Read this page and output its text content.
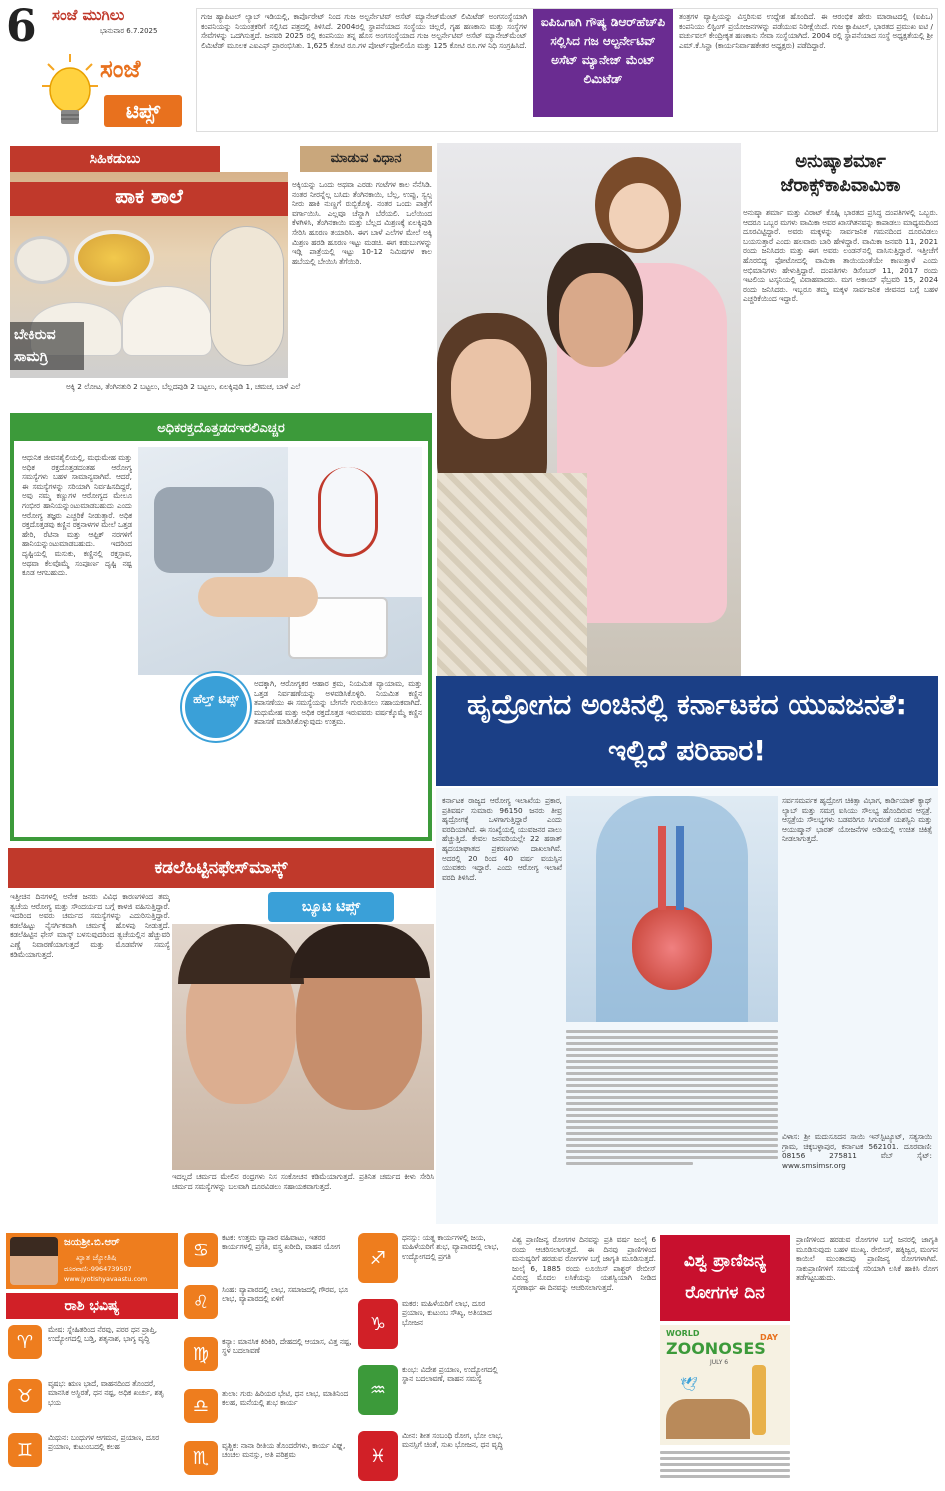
6 ಸಂಜೆ ಮುಗಿಲು
ಭಾನುವಾರ 6.7.2025
ಸಂಜೆ
ಟಿಪ್ಸ್
ಗುಜ ಹ್ಯಾಪಿಟಲ್ ಲ್ಯಾಬ್ ಇಡಿಯಲ್ಲಿ, ಕಾರ್ಪೊರೇಟ್ ನಿಂದ ಗುಜ ಅಲ್ಟರ್ನೇಟಿವ್ ಅಸೆಟ್ ಮ್ಯಾನೇಜ್‌ಮೆಂಟ್ ಲಿಮಿಟೆಡ್ ಅಂಗಸಂಸ್ಥೆಯಾಗಿ ಕಂಪನಿಯನ್ನು ನಿಯಂತ್ರಕರಿಗೆ ಸಲ್ಲಿಸಿದ ಪತ್ರದಲ್ಲಿ ತಿಳಿಸಿದೆ. 2004ರಲ್ಲಿ ಸ್ಥಾಪನೆಯಾದ ಸಂಸ್ಥೆಯು ಚಿಲ್ಲರೆ, ಗೃಹ ಹಣಕಾಸು ಮತ್ತು ಸಂಸ್ಥೆಗಳ ಸೇವೆಗಳನ್ನು ಒದಗಿಸುತ್ತದೆ. ಜನವರಿ 2025 ರಲ್ಲಿ ಕಂಪನಿಯು ತನ್ನ ಹೊಸ ಅಂಗಸಂಸ್ಥೆಯಾದ ಗುಜ ಅಲ್ಟರ್ನೇಟಿವ್ ಅಸೆಟ್ ಮ್ಯಾನೇಜ್‌ಮೆಂಟ್ ಲಿಮಿಟೆಡ್ ಮೂಲಕ ಎಐಎಫ್ ಪ್ರಾರಂಭಿಸಿತು. 1,625 ಕೋಟಿ ರೂ.ಗಳ ಪೋರ್ಟ್‌ಫೋಲಿಯೊ ಮತ್ತು 125 ಕೋಟಿ ರೂ.ಗಳ ನಿಧಿ ಸಂಗ್ರಹಿಸಿದೆ.
ಐಪಿಒಗಾಗಿ ಗೌಷ್ಯ ಡಿಆರ್‌ಹೆಚ್‌ಪಿ ಸಲ್ಲಿಸಿದ ಗಜ ಆಲ್ಟರ್ನೇಟಿವ್ ಅಸೆಟ್ ಮ್ಯಾನೇಜ್ ಮೆಂಟ್ ಲಿಮಿಟೆಡ್
ತಂತ್ರಗಳ ವ್ಯಾಪ್ತಿಯನ್ನು ವಿಸ್ತರಿಸುವ ಉದ್ದೇಶ ಹೊಂದಿದೆ. ಈ ಆರಂಭಿಕ ಹೇರು ಮಾರಾಟದಲ್ಲಿ (ಐಪಿಒ) ಕಂಪನಿಯು ಲಿಸ್ಟಿಂಗ್ ಪ್ರಯೋಜನಗಳನ್ನು ಪಡೆಯುವ ನಿರೀಕ್ಷೆಯಿದೆ. ಗುಜ ಕ್ಯಾಪಿಟಲ್, ಭಾರತದ ಪ್ರಮುಖ ಐಟಿ / ವರ್ಚುವಲ್ ಕೇಂದ್ರೀಕೃತ ಹಣಕಾಸು ಸೇವಾ ಸಂಸ್ಥೆಯಾಗಿದೆ. 2004 ರಲ್ಲಿ ಸ್ಥಾಪನೆಯಾದ ಸಂಸ್ಥೆ ಅಧ್ಯಕ್ಷತೆಯಲ್ಲಿ ಶ್ರೀ ಎಮ್.ಕೆ.ಸಿನ್ಹಾ (ಕಾರ್ಯನಿರ್ವಾಹಕೇತರ ಅಧ್ಯಕ್ಷರು) ಪಡೆದಿದ್ದಾರೆ.
ಸಿಹಿಕಡುಬು	ಮಾಡುವ ವಿಧಾನ
ಪಾಕ ಶಾಲೆ
ಬೇಕಿರುವ ಸಾಮಗ್ರಿ
ಅಕ್ಕಿಯನ್ನು ಒಂದು ಅಥವಾ ಎರಡು ಗಂಟೆಗಳ ಕಾಲ ನೆನೆಸಿಡಿ. ನಂತರ ನೀರನ್ನೆಲ್ಲ ಬಸಿದು ತೆಂಗಿನಕಾಯಿ, ಬೆಲ್ಲ, ಉಪ್ಪು, ಸ್ವಲ್ಪ ನೀರು ಹಾಕಿ ನುಣ್ಣಗೆ ರುಬ್ಬಿಕೊಳ್ಳಿ. ನಂತರ ಒಂದು ಪಾತ್ರೆಗೆ ವರ್ಗಾಯಿಸಿ. ಎಲ್ಲವೂ ಚೆನ್ನಾಗಿ ಬೆರೆಯಲಿ. ಒಲೆಯಿಂದ ಕೆಳಗಿಳಿಸಿ, ತೆಂಗಿನಕಾಯಿ ಮತ್ತು ಬೆಲ್ಲದ ಮಿಶ್ರಣಕ್ಕೆ ಏಲಕ್ಕಿಪುಡಿ ಸೇರಿಸಿ ಹೂರಣ ತಯಾರಿಸಿ. ಈಗ ಬಾಳೆ ಎಲೆಗಳ ಮೇಲೆ ಅಕ್ಕಿ ಮಿಶ್ರಣ ಹರಡಿ ಹೂರಣ ಇಟ್ಟು ಮಡಚಿ. ಈಗ ಕಡುಬುಗಳನ್ನು ಇಡ್ಲಿ ಪಾತ್ರೆಯಲ್ಲಿ ಇಟ್ಟು 10-12 ನಿಮಿಷಗಳ ಕಾಲ ಹಬೆಯಲ್ಲಿ ಬೇಯಿಸಿ ತೆಗೆಯಿರಿ.
ಅಕ್ಕಿ 2 ಲೋಟ, ತೆಂಗಿನತುರಿ 2 ಬಟ್ಟಲು, ಬೆಲ್ಲದಪುಡಿ 2 ಬಟ್ಟಲು, ಏಲಕ್ಕಿಪುಡಿ 1, ಚಮಚ, ಬಾಳೆ ಎಲೆ
ಅಧಿಕರಕ್ತದೊತ್ತಡದಇರಲಿಎಚ್ಚರ
ಆಧುನಿಕ ಜೀವನಶೈಲಿಯಲ್ಲಿ, ಮಧುಮೇಹ ಮತ್ತು ಅಧಿಕ ರಕ್ತದೊತ್ತಡದಂತಹ ಆರೋಗ್ಯ ಸಮಸ್ಯೆಗಳು ಬಹಳ ಸಾಮಾನ್ಯವಾಗಿವೆ. ಆದರೆ, ಈ ಸಮಸ್ಯೆಗಳನ್ನು ಸರಿಯಾಗಿ ನಿರ್ವಹಿಸದಿದ್ದರೆ, ಅವು ನಮ್ಮ ಕಣ್ಣುಗಳ ಆರೋಗ್ಯದ ಮೇಲೂ ಗಂಭೀರ ಹಾನಿಯನ್ನುಂಟುಮಾಡಬಹುದು ಎಂದು ಆರೋಗ್ಯ ತಜ್ಞರು ಎಚ್ಚರಿಕೆ ನೀಡುತ್ತಾರೆ. ಅಧಿಕ ರಕ್ತದೊತ್ತಡವು ಕಣ್ಣಿನ ರಕ್ತನಾಳಗಳ ಮೇಲೆ ಒತ್ತಡ ಹೇರಿ, ರೆಟಿನಾ ಮತ್ತು ಆಪ್ಟಿಕ್ ನರಗಳಿಗೆ ಹಾನಿಯನ್ನುಂಟುಮಾಡಬಹುದು. ಇದರಿಂದ ದೃಷ್ಟಿಯಲ್ಲಿ ಮಸುಕು, ಕಣ್ಣಿನಲ್ಲಿ ರಕ್ತಸ್ರಾವ, ಅಥವಾ ಕೆಲವೊಮ್ಮೆ ಸಂಪೂರ್ಣ ದೃಷ್ಟಿ ನಷ್ಟ ಕೂಡ ಆಗಬಹುದು.
ಹೆಲ್ತ್ ಟಿಪ್ಸ್
ಅದಕ್ಕಾಗಿ, ಆರೋಗ್ಯಕರ ಆಹಾರ ಕ್ರಮ, ನಿಯಮಿತ ವ್ಯಾಯಾಮ, ಮತ್ತು ಒತ್ತಡ ನಿರ್ವಹಣೆಯನ್ನು ಅಳವಡಿಸಿಕೊಳ್ಳಿರಿ. ನಿಯಮಿತ ಕಣ್ಣಿನ ತಪಾಸಣೆಯು ಈ ಸಮಸ್ಯೆಯನ್ನು ಬೇಗನೇ ಗುರುತಿಸಲು ಸಹಾಯಕವಾಗಿದೆ. ಮಧುಮೇಹ ಮತ್ತು ಅಧಿಕ ರಕ್ತದೊತ್ತಡ ಇರುವವರು ವರ್ಷಕ್ಕೊಮ್ಮೆ ಕಣ್ಣಿನ ತಪಾಸಣೆ ಮಾಡಿಸಿಕೊಳ್ಳುವುದು ಉತ್ತಮ.
ಅನುಷ್ಕಾಶರ್ಮಾ ಜೆರಾಕ್ಸ್‌ಕಾಪಿವಾಮಿಕಾ
ಅನುಷ್ಕಾ ಶರ್ಮಾ ಮತ್ತು ವಿರಾಟ್ ಕೊಹ್ಲಿ ಭಾರತದ ಪ್ರಸಿದ್ಧ ದಂಪತಿಗಳಲ್ಲಿ ಒಬ್ಬರು. ಆದರೂ ಒಬ್ಬರ ಮಗಳು ವಾಮಿಕಾ ಅವರ ಖಾಸಗಿತನವನ್ನು ಕಾಪಾಡಲು ಮಾಧ್ಯಮದಿಂದ ದೂರವಿಟ್ಟಿದ್ದಾರೆ. ಅವರು ಮಕ್ಕಳನ್ನು ಸಾರ್ವಜನಿಕ ಗಮನದಿಂದ ದೂರವಿಡಲು ಬಯಸುತ್ತಾರೆ ಎಂದು ಹಲವಾರು ಬಾರಿ ಹೇಳಿದ್ದಾರೆ. ವಾಮಿಕಾ ಜನವರಿ 11, 2021 ರಂದು ಜನಿಸಿದರು ಮತ್ತು ಈಗ ಅವರು ಲಂಡನ್‌ನಲ್ಲಿ ವಾಸಿಸುತ್ತಿದ್ದಾರೆ. ಇತ್ತೀಚೆಗೆ ಹೊರಬಿದ್ದ ಫೋಟೋದಲ್ಲಿ ವಾಮಿಕಾ ತಾಯಿಯಂತೆಯೇ ಕಾಣುತ್ತಾಳೆ ಎಂದು ಅಭಿಮಾನಿಗಳು ಹೇಳುತ್ತಿದ್ದಾರೆ. ದಂಪತಿಗಳು ಡಿಸೆಂಬರ್ 11, 2017 ರಂದು ಇಟಲಿಯ ಟಸ್ಕನಿಯಲ್ಲಿ ವಿವಾಹವಾದರು. ಮಗ ಅಕಾಯ್ ಫೆಬ್ರವರಿ 15, 2024 ರಂದು ಜನಿಸಿದರು. ಇಬ್ಬರೂ ತಮ್ಮ ಮಕ್ಕಳ ಸಾರ್ವಜನಿಕ ಜೀವನದ ಬಗ್ಗೆ ಬಹಳ ಎಚ್ಚರಿಕೆಯಿಂದ ಇದ್ದಾರೆ.
ಹೃದ್ರೋಗದ ಅಂಚಿನಲ್ಲಿ ಕರ್ನಾಟಕದ ಯುವಜನತೆ: ಇಲ್ಲಿದೆ ಪರಿಹಾರ!
ಕರ್ನಾಟಕ ರಾಜ್ಯದ ಆರೋಗ್ಯ ಇಲಾಖೆಯ ಪ್ರಕಾರ, ಪ್ರತಿವರ್ಷ ಸುಮಾರು 96150 ಜನರು ತೀವ್ರ ಹೃದ್ರೋಗಕ್ಕೆ ಒಳಗಾಗುತ್ತಿದ್ದಾರೆ ಎಂದು ವರದಿಯಾಗಿದೆ. ಈ ಸಂಖ್ಯೆಯಲ್ಲಿ ಯುವಜನರ ಪಾಲು ಹೆಚ್ಚುತ್ತಿದೆ. ಕೇವಲ ಜನವರಿಯಲ್ಲೇ 22 ಹಠಾತ್ ಹೃದಯಾಘಾತದ ಪ್ರಕರಣಗಳು ದಾಖಲಾಗಿವೆ. ಅದರಲ್ಲಿ 20 ರಿಂದ 40 ವರ್ಷ ವಯಸ್ಸಿನ ಯುವಕರು ಇದ್ದಾರೆ. ಎಂದು ಆರೋಗ್ಯ ಇಲಾಖೆ ವರದಿ ತಿಳಿಸಿದೆ.
ಸರ್ವಸಮರ್ಪಕ ಹೃದ್ರೋಗ ಚಿಕಿತ್ಸಾ ವಿಭಾಗ, ಕಾರ್ಡಿಯಾಕ್ ಕ್ಯಾಥ್ ಲ್ಯಾಬ್ ಮತ್ತು ಸಮಗ್ರ ಐಸಿಯು ಸೌಲಭ್ಯ ಹೊಂದಿರುವ ಆಸ್ಪತ್ರೆ. ಆಸ್ಪತ್ರೆಯ ಸೌಲಭ್ಯಗಳು ಬಡವರಿಗೂ ಸಿಗುವಂತೆ ಯಶಸ್ವಿನಿ ಮತ್ತು ಆಯುಷ್ಮಾನ್ ಭಾರತ್ ಯೋಜನೆಗಳ ಅಡಿಯಲ್ಲಿ ಉಚಿತ ಚಿಕಿತ್ಸೆ ನೀಡಲಾಗುತ್ತದೆ.
ವಿಳಾಸ: ಶ್ರೀ ಮದುಸೂದನ ಸಾಯಿ ಇನ್‌ಸ್ಟಿಟ್ಯೂಟ್, ಸತ್ಯಸಾಯಿ ಗ್ರಾಮ, ಚಿಕ್ಕಬಳ್ಳಾಪುರ, ಕರ್ನಾಟಕ 562101. ದೂರವಾಣಿ: 08156 275811 ವೆಬ್ ಸೈಟ್: www.smsimsr.org
ಕಡಲೆಹಿಟ್ಟಿನಫೇಸ್‌ಮಾಸ್ಕ್
ಇತ್ತೀಚಿನ ದಿನಗಳಲ್ಲಿ ಅನೇಕ ಜನರು ವಿವಿಧ ಕಾರಣಗಳಿಂದ ತಮ್ಮ ತ್ವಚೆಯ ಆರೋಗ್ಯ ಮತ್ತು ಸೌಂದರ್ಯದ ಬಗ್ಗೆ ಕಾಳಜಿ ವಹಿಸುತ್ತಿದ್ದಾರೆ. ಇದರಿಂದ ಅವರು ಚರ್ಮದ ಸಮಸ್ಯೆಗಳನ್ನು ಎದುರಿಸುತ್ತಿದ್ದಾರೆ. ಕಡಲೆಹಿಟ್ಟು ನೈಸರ್ಗಿಕವಾಗಿ ಚರ್ಮಕ್ಕೆ ಹೊಳಪು ನೀಡುತ್ತದೆ. ಕಡಲೆಹಿಟ್ಟಿನ ಫೇಸ್ ಮಾಸ್ಕ್ ಬಳಸುವುದರಿಂದ ತ್ವಚೆಯಲ್ಲಿನ ಹೆಚ್ಚುವರಿ ಎಣ್ಣೆ ನಿವಾರಣೆಯಾಗುತ್ತದೆ ಮತ್ತು ಮೊಡವೆಗಳ ಸಮಸ್ಯೆ ಕಡಿಮೆಯಾಗುತ್ತದೆ.
ಬ್ಯೂಟಿ ಟಿಪ್ಸ್
ಇದಲ್ಲದೆ ಚರ್ಮದ ಮೇಲಿನ ರಂಧ್ರಗಳು ನಿಸ ಸಂಕೋಚನ ಕಡಿಮೆಯಾಗುತ್ತದೆ. ಪ್ರತಿನಿತ ಚರ್ಮದ ಕೀಳು ಸೇರಿಸಿ ಚರ್ಮದ ಸಮಸ್ಯೆಗಳನ್ನು ಬಲವಾಗಿ ದೂರವಿಡಲು ಸಹಾಯಕವಾಗುತ್ತದೆ.
ಜಯಶ್ರೀ.ಬಿ.ಆರ್
ಖ್ಯಾತ ಜ್ಯೋತಿಷಿ
ದೂರವಾಣಿ:-9964739507
www.jyotishyavaastu.com
ರಾಶಿ ಭವಿಷ್ಯ
♈
ಮೇಷ: ಸ್ನೇಹಿತರಿಂದ ನೆರವು, ಪರರ ಧನ ಪ್ರಾಪ್ತಿ, ಉದ್ಯೋಗದಲ್ಲಿ ಬಡ್ತಿ, ಶತೃನಾಶ, ಭಾಗ್ಯ ವೃದ್ಧಿ
♉
ವೃಷಭ: ಋಣ ಭಾದೆ, ವಾಹನದಿಂದ ತೊಂದರೆ, ಮಾನಸಿಕ ಅಸ್ಥಿರತೆ, ಧನ ನಷ್ಟ, ಅಧಿಕ ಖರ್ಚು, ಶತೃ ಭಯ
♊
ಮಿಥುನ: ಬಂಧುಗಳ ಆಗಮನ, ಪ್ರಯಾಣ, ದೂರ ಪ್ರಯಾಣ, ಕುಟುಂಬದಲ್ಲಿ ಕಲಹ
♋
ಕಟಕ: ಉತ್ತಮ ವ್ಯಾಪಾರ ವಹಿವಾಟು, ಇತರರ ಕಾರ್ಯಗಳಲ್ಲಿ ಪ್ರಗತಿ, ವಸ್ತ್ರ ಖರೀದಿ, ವಾಹನ ಯೋಗ
♌
ಸಿಂಹ: ವ್ಯಾಪಾರದಲ್ಲಿ ಲಾಭ, ಸಮಾಜದಲ್ಲಿ ಗೌರವ, ಭೂ ಲಾಭ, ವ್ಯಾಪಾರದಲ್ಲಿ ಏಳಿಗೆ
♍
ಕನ್ಯಾ: ಮಾನಸಿಕ ಕಿರಿಕಿರಿ, ದೇಹದಲ್ಲಿ ಆಯಾಸ, ವಿತ್ತ ನಷ್ಟ, ಸ್ಥಳ ಬದಲಾವಣೆ
♎
ತುಲಾ: ಗುರು ಹಿರಿಯರ ಭೇಟಿ, ಧನ ಲಾಭ, ಮಾತಿನಿಂದ ಕಲಹ, ಮನೆಯಲ್ಲಿ ಶುಭ ಕಾರ್ಯ
♏
ವೃಶ್ಚಿಕ: ನಾನಾ ರೀತಿಯ ತೊಂದರೆಗಳು, ಕಾರ್ಯ ವಿಘ್ನ, ಚಂಚಲ ಮನಸ್ಸು, ಅತಿ ಪರಿಶ್ರಮ
♐
ಧನಸ್ಸು: ಯತ್ನ ಕಾರ್ಯಗಳಲ್ಲಿ ಜಯ, ಮಹಿಳೆಯರಿಗೆ ಶುಭ, ವ್ಯಾಪಾರದಲ್ಲಿ ಲಾಭ, ಉದ್ಯೋಗದಲ್ಲಿ ಪ್ರಗತಿ
♑
ಮಕರ: ಮಹಿಳೆಯರಿಗೆ ಲಾಭ, ದೂರ ಪ್ರಯಾಣ, ಕುಟುಂಬ ಸೌಖ್ಯ, ಅತಿಯಾದ ಭೋಜನ
♒
ಕುಂಭ: ವಿದೇಶ ಪ್ರಯಾಣ, ಉದ್ಯೋಗದಲ್ಲಿ ಸ್ಥಾನ ಬದಲಾವಣೆ, ವಾಹನ ಸಮಸ್ಯೆ
♓
ಮೀನ: ಶೀತ ಸಂಬಂಧಿ ರೋಗ, ಭೋ ಲಾಭ, ಮನಸ್ಸಿಗೆ ಚಿಂತೆ, ಸುಖ ಭೋಜನ, ಧನ ವೃದ್ಧಿ
ವಿಶ್ವ ಪ್ರಾಣಿಜನ್ಯ ರೋಗಗಳ ದಿನವನ್ನು ಪ್ರತಿ ವರ್ಷ ಜುಲೈ 6 ರಂದು ಆಚರಿಸಲಾಗುತ್ತದೆ. ಈ ದಿನವು ಪ್ರಾಣಿಗಳಿಂದ ಮನುಷ್ಯರಿಗೆ ಹರಡುವ ರೋಗಗಳ ಬಗ್ಗೆ ಜಾಗೃತಿ ಮೂಡಿಸುತ್ತದೆ. ಜುಲೈ 6, 1885 ರಂದು ಲೂಯಿಸ್ ಪಾಶ್ಚರ್ ರೇಬೀಸ್ ವಿರುದ್ಧ ಮೊದಲ ಲಸಿಕೆಯನ್ನು ಯಶಸ್ವಿಯಾಗಿ ನೀಡಿದ ಸ್ಮರಣಾರ್ಥ ಈ ದಿನವನ್ನು ಆಚರಿಸಲಾಗುತ್ತದೆ.
ವಿಶ್ವ ಪ್ರಾಣಿಜನ್ಯ ರೋಗಗಳ ದಿನ
WORLD
ZOONOSES
DAY
JULY 6
🕊
ಪ್ರಾಣಿಗಳಿಂದ ಹರಡುವ ರೋಗಗಳ ಬಗ್ಗೆ ಜನರಲ್ಲಿ ಜಾಗೃತಿ ಮೂಡಿಸುವುದು ಬಹಳ ಮುಖ್ಯ. ರೇಬೀಸ್, ಹಕ್ಕಿಜ್ವರ, ಮಂಗನ ಕಾಯಿಲೆ ಮುಂತಾದವು ಪ್ರಾಣಿಜನ್ಯ ರೋಗಗಳಾಗಿವೆ. ಸಾಕುಪ್ರಾಣಿಗಳಿಗೆ ಸಮಯಕ್ಕೆ ಸರಿಯಾಗಿ ಲಸಿಕೆ ಹಾಕಿಸಿ ರೋಗ ತಡೆಗಟ್ಟಬಹುದು.
